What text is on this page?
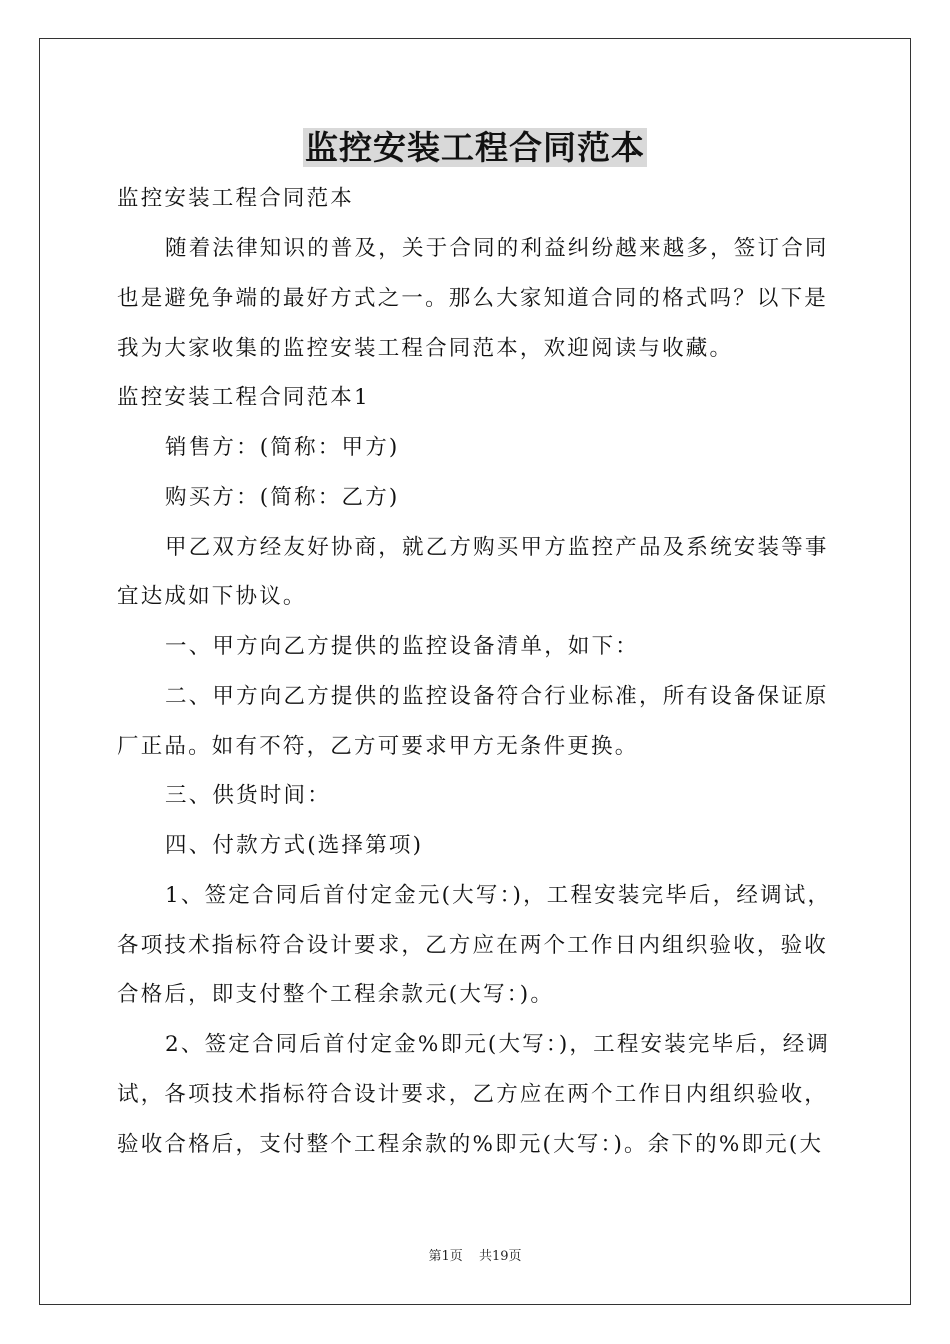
监控安装工程合同范本

监控安装工程合同范本

随着法律知识的普及，关于合同的利益纠纷越来越多，签订合同

也是避免争端的最好方式之一。那么大家知道合同的格式吗？以下是

我为大家收集的监控安装工程合同范本，欢迎阅读与收藏。

监控安装工程合同范本1

销售方：(简称：甲方)

购买方：(简称：乙方)

甲乙双方经友好协商，就乙方购买甲方监控产品及系统安装等事

宜达成如下协议。

一、甲方向乙方提供的监控设备清单，如下：

二、甲方向乙方提供的监控设备符合行业标准，所有设备保证原

厂正品。如有不符，乙方可要求甲方无条件更换。

三、供货时间：

四、付款方式(选择第项)

1、签定合同后首付定金元(大写：)，工程安装完毕后，经调试，

各项技术指标符合设计要求，乙方应在两个工作日内组织验收，验收

合格后，即支付整个工程余款元(大写：)。

2、签定合同后首付定金%即元(大写：)，工程安装完毕后，经调

试，各项技术指标符合设计要求，乙方应在两个工作日内组织验收，

验收合格后，支付整个工程余款的%即元(大写：)。余下的%即元(大

第1页 共19页
